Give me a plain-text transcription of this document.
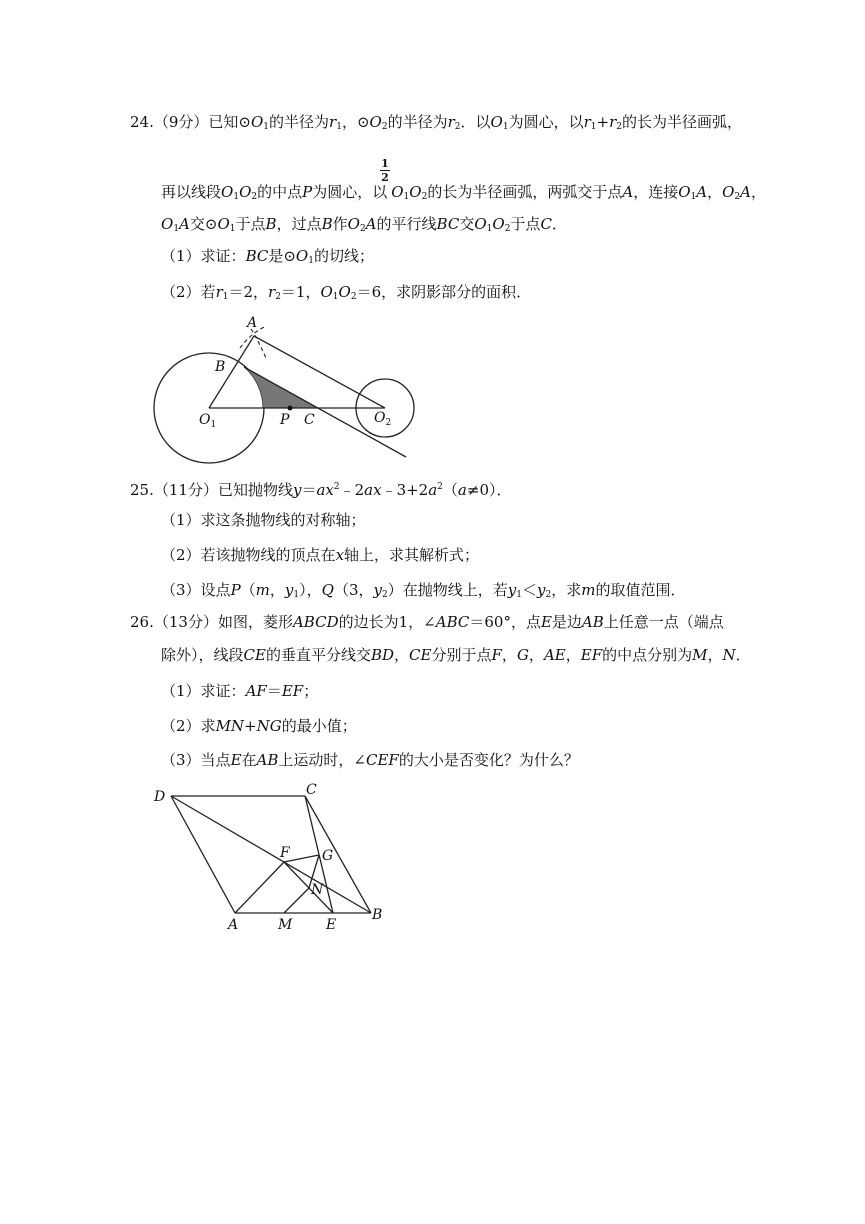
24.（9分）已知$⊙O_1$的半径为$r_1$，$⊙O_2$的半径为$r_2$．以$O_1$为圆心，以$r_1+r_2$的长为半径画弧，
1
2
再以线段$O_1O_2$的中点P为圆心，以 $O_1O_2$的长为半径画弧，两弧交于点A，连接$O_1A$，$O_2A$，
$O_1A$交$⊙O_1$于点B，过点B作$O_2A$的平行线BC交$O_1O_2$于点C．
（1）求证：BC是$⊙O_1$的切线；
（2）若$r_1=2$，$r_2=1$，$O_1O_2=6$，求阴影部分的面积．
A
B
$O_1$	P C	$O_2$
25.（11分）已知抛物线$y=ax^2﹣2ax﹣3+2a^2(a\ne 0)$．
（1）求这条抛物线的对称轴；
（2）若该抛物线的顶点在x轴上，求其解析式；
（3）设点P（m，$y_1$），Q（3，$y_2$）在抛物线上，若$y_1<y_2$，求m的取值范围．
26.（13分）如图，菱形ABCD的边长为1，∠ABC＝60°，点E是边AB上任意一点（端点
除外），线段CE的垂直平分线交BD，CE分别于点F，G，AE，EF的中点分别为M，N．
（1）求证：AF＝EF；
（2）求MN+NG的最小值；
（3）当点E在AB上运动时，∠CEF的大小是否变化？为什么？
D	C
F G
N
A	M E
B
